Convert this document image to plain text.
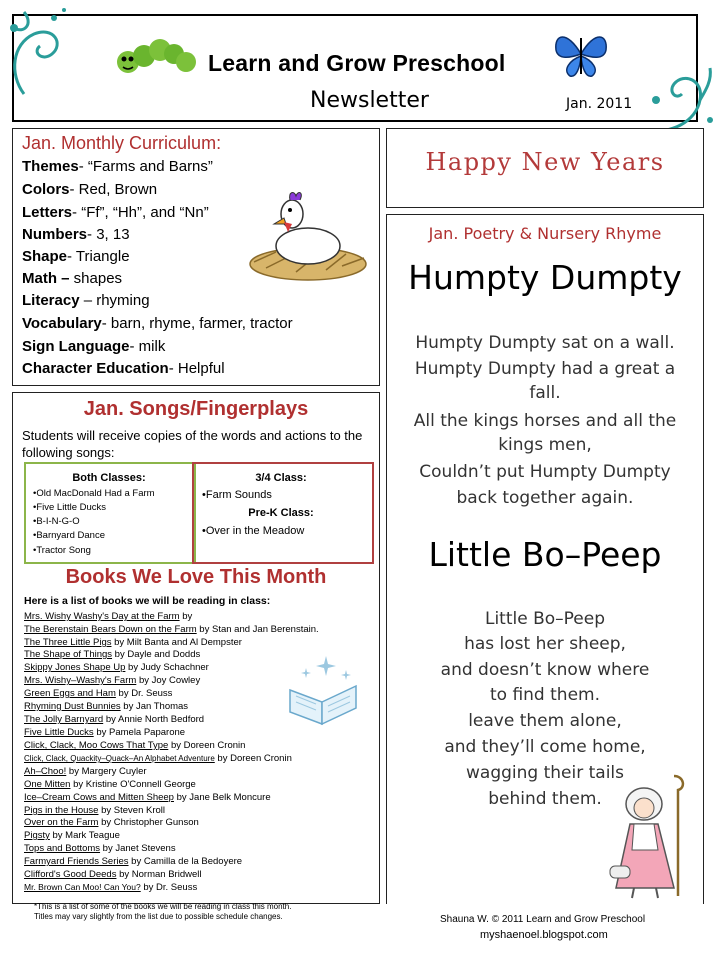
Learn and Grow Preschool
Newsletter	Jan. 2011
Jan. Monthly Curriculum:
Themes- “Farms and Barns”
Colors- Red, Brown
Letters- “Ff”, “Hh”, and “Nn”
Numbers- 3, 13
Shape- Triangle
Math – shapes
Literacy – rhyming
Vocabulary- barn, rhyme, farmer, tractor
Sign Language- milk
Character Education- Helpful
Happy New Years
Jan. Poetry & Nursery Rhyme
Humpty Dumpty
Humpty Dumpty sat on a wall.
Humpty Dumpty had a great a
fall.
All the kings horses and all the
kings men,
Couldn’t put Humpty Dumpty
back together again.
Little Bo–Peep
Little Bo–Peep
has lost her sheep,
and doesn’t know where
to find them.
leave them alone,
and they’ll come home,
wagging their tails
behind them.
Jan. Songs/Fingerplays
Students will receive copies of the words and actions to the following songs:
Both Classes:
•Old MacDonald Had a Farm
•Five Little Ducks
•B-I-N-G-O
•Barnyard Dance
•Tractor Song
3/4 Class:
•Farm Sounds
Pre-K Class:
•Over in the Meadow
Books We Love This Month
Here is a list of books we will be reading in class:
Mrs. Wishy Washy's Day at the Farm by
The Berenstain Bears Down on the Farm by Stan and Jan Berenstain.
The Three Little Pigs by Milt Banta and Al Dempster
The Shape of Things by Dayle and Dodds
Skippy Jones Shape Up by Judy Schachner
Mrs. Wishy–Washy's Farm by Joy Cowley
Green Eggs and Ham by Dr. Seuss
Rhyming Dust Bunnies by Jan Thomas
The Jolly Barnyard by Annie North Bedford
Five Little Ducks by Pamela Paparone
Click, Clack, Moo Cows That Type by Doreen Cronin
Click, Clack, Quackity–Quack–An Alphabet Adventure by Doreen Cronin
Ah–Choo! by Margery Cuyler
One Mitten by Kristine O'Connell George
Ice–Cream Cows and Mitten Sheep by Jane Belk Moncure
Pigs in the House by Steven Kroll
Over on the Farm by Christopher Gunson
Pigsty by Mark Teague
Tops and Bottoms by Janet Stevens
Farmyard Friends Series by Camilla de la Bedoyere
Clifford's Good Deeds by Norman Bridwell
Mr. Brown Can Moo! Can You? by Dr. Seuss
*This is a list of some of the books we will be reading in class this month.
Titles may vary slightly from the list due to possible schedule changes.	Shauna W. © 2011 Learn and Grow Preschool
myshaenoel.blogspot.com
